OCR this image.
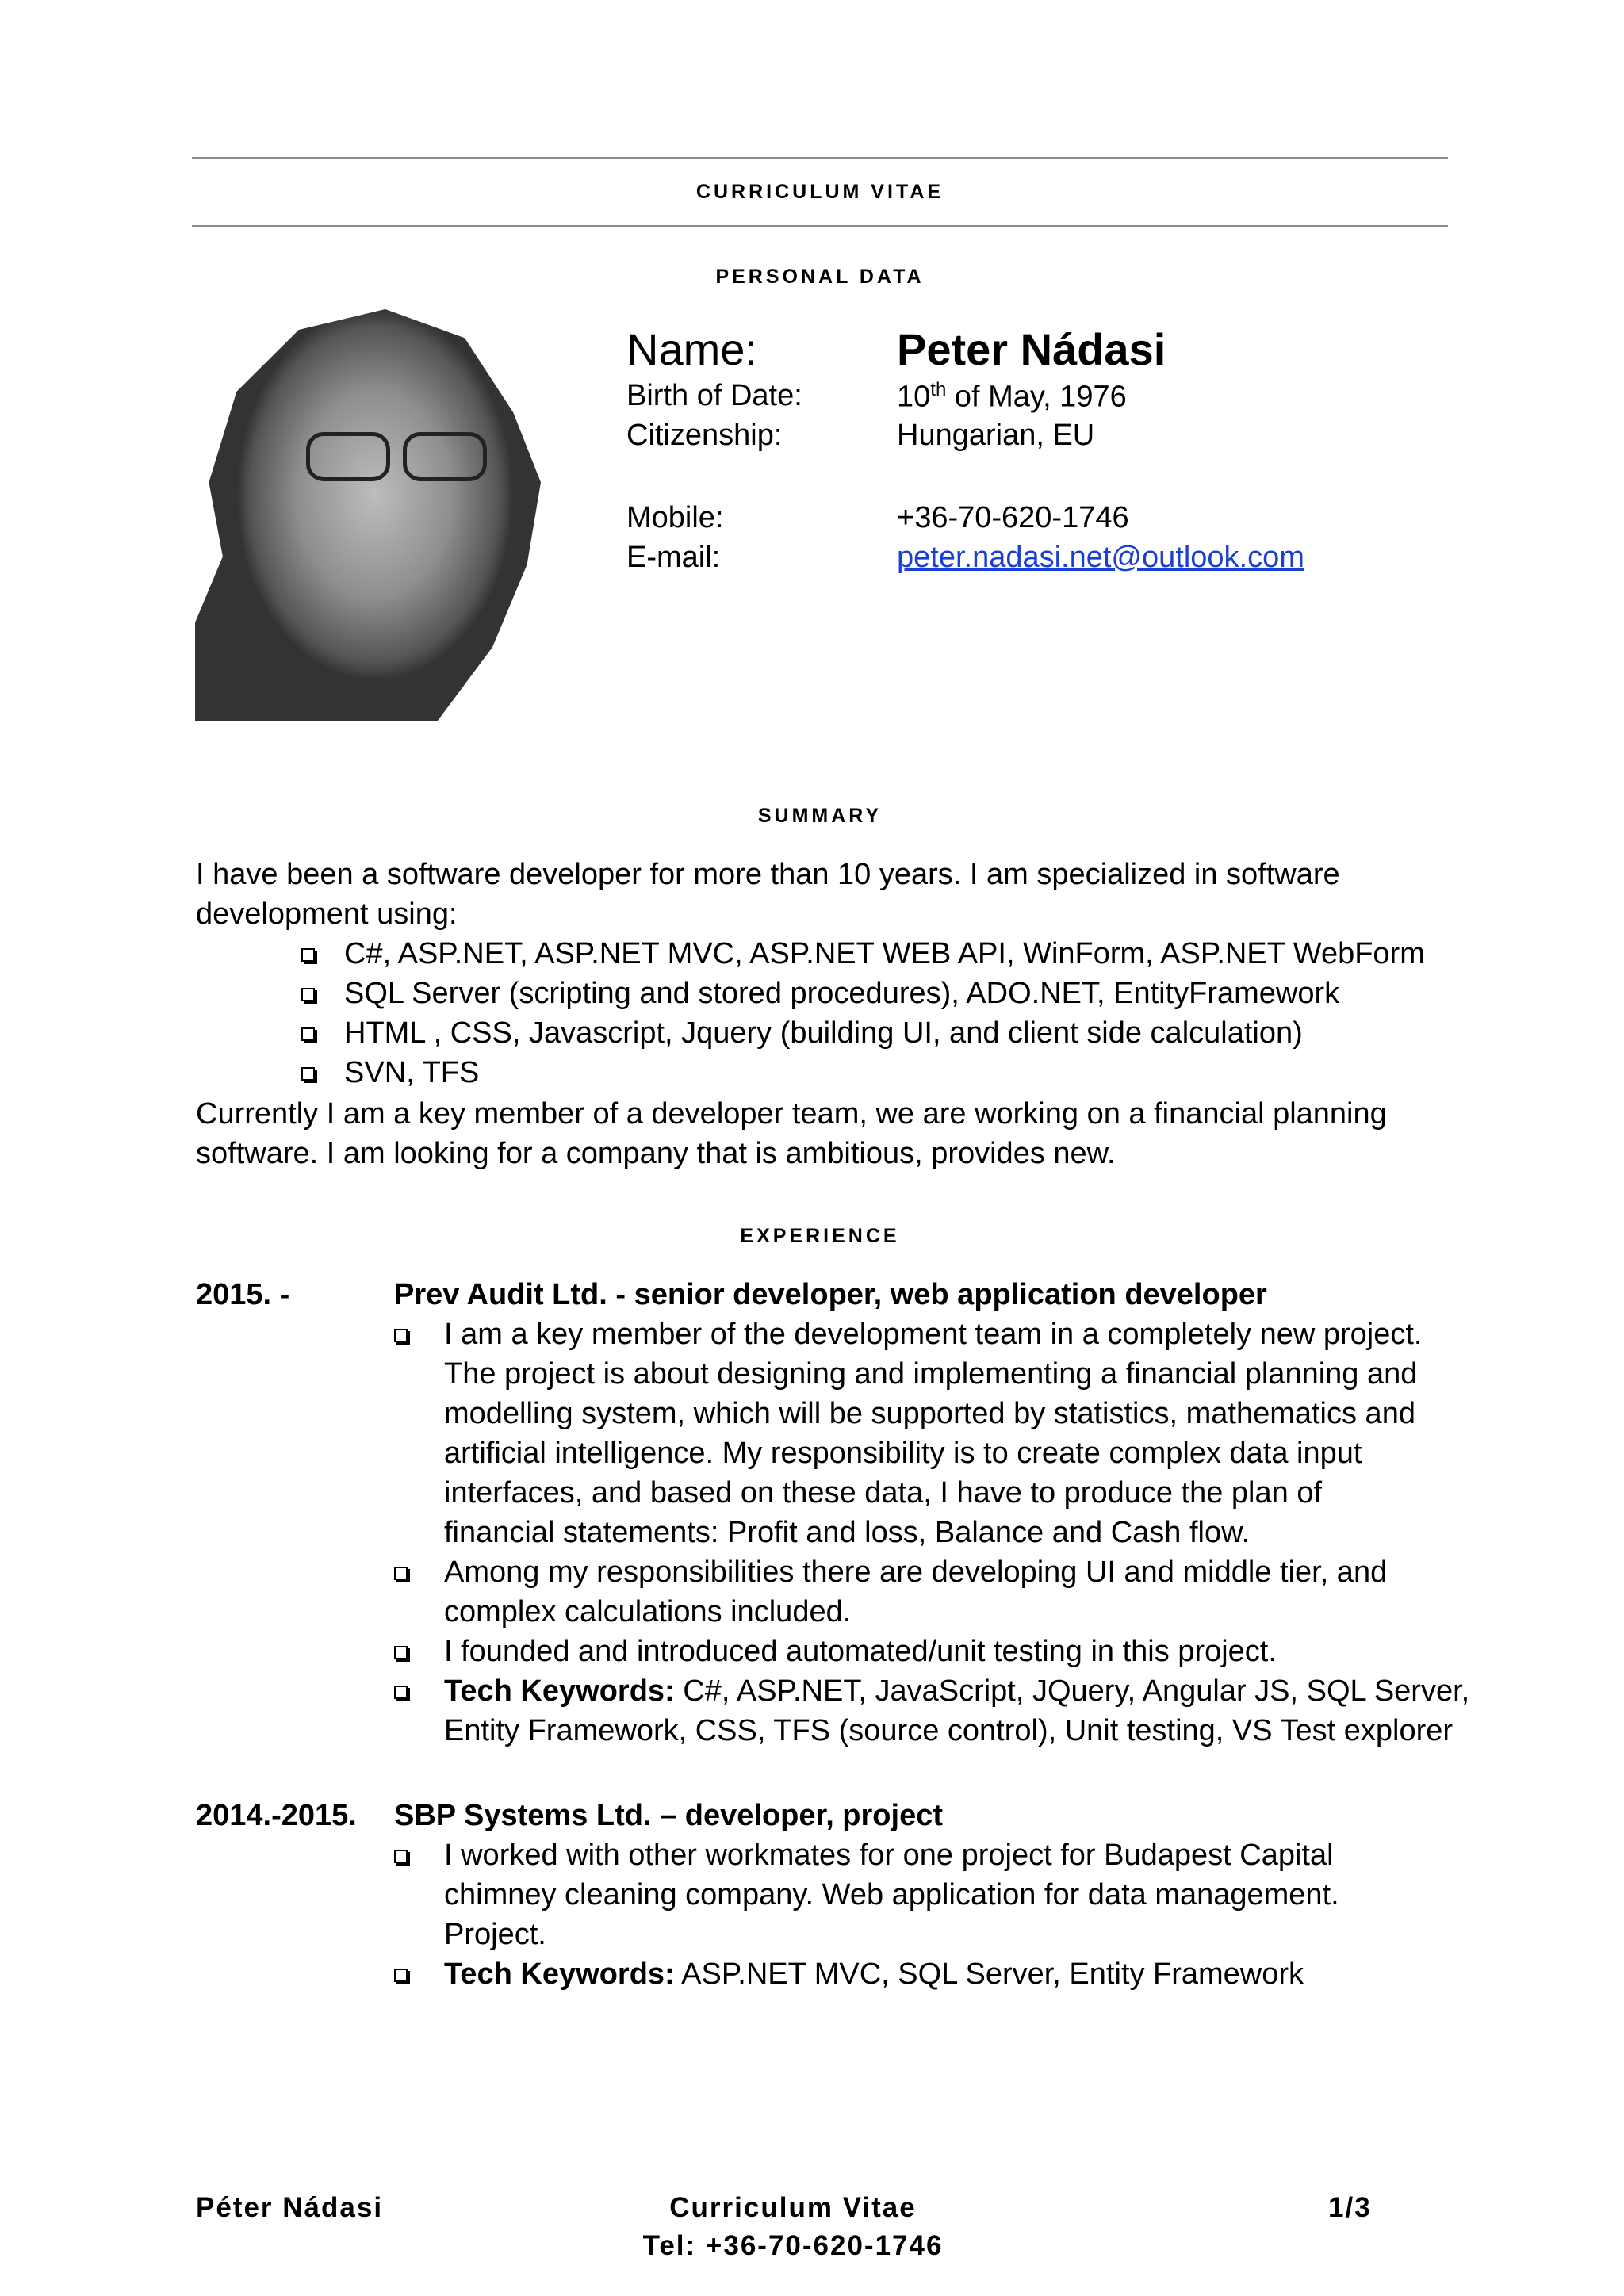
CURRICULUM VITAE
PERSONAL DATA
Name:	Peter Nádasi
Birth of Date:	10th of May, 1976
Citizenship:	Hungarian, EU
Mobile:	+36-70-620-1746
E-mail:	peter.nadasi.net@outlook.com
SUMMARY
I have been a software developer for more than 10 years. I am specialized in software
development using:
C#, ASP.NET, ASP.NET MVC, ASP.NET WEB API, WinForm, ASP.NET WebForm
SQL Server (scripting and stored procedures), ADO.NET, EntityFramework
HTML , CSS, Javascript, Jquery (building UI, and client side calculation)
SVN, TFS
Currently I am a key member of a developer team, we are working on a financial planning
software. I am looking for a company that is ambitious, provides new.
EXPERIENCE
2015. -	Prev Audit Ltd. - senior developer, web application developer
I am a key member of the development team in a completely new project.
The project is about designing and implementing a financial planning and
modelling system, which will be supported by statistics, mathematics and
artificial intelligence. My responsibility is to create complex data input
interfaces, and based on these data, I have to produce the plan of
financial statements: Profit and loss, Balance and Cash flow.
Among my responsibilities there are developing UI and middle tier, and
complex calculations included.
I founded and introduced automated/unit testing in this project.
Tech Keywords: C#, ASP.NET, JavaScript, JQuery, Angular JS, SQL Server,
Entity Framework, CSS, TFS (source control), Unit testing, VS Test explorer
2014.-2015. SBP Systems Ltd. – developer, project
I worked with other workmates for one project for Budapest Capital
chimney cleaning company. Web application for data management.
Project.
Tech Keywords: ASP.NET MVC, SQL Server, Entity Framework
Péter Nádasi	Curriculum Vitae	1/3
Tel: +36-70-620-1746
